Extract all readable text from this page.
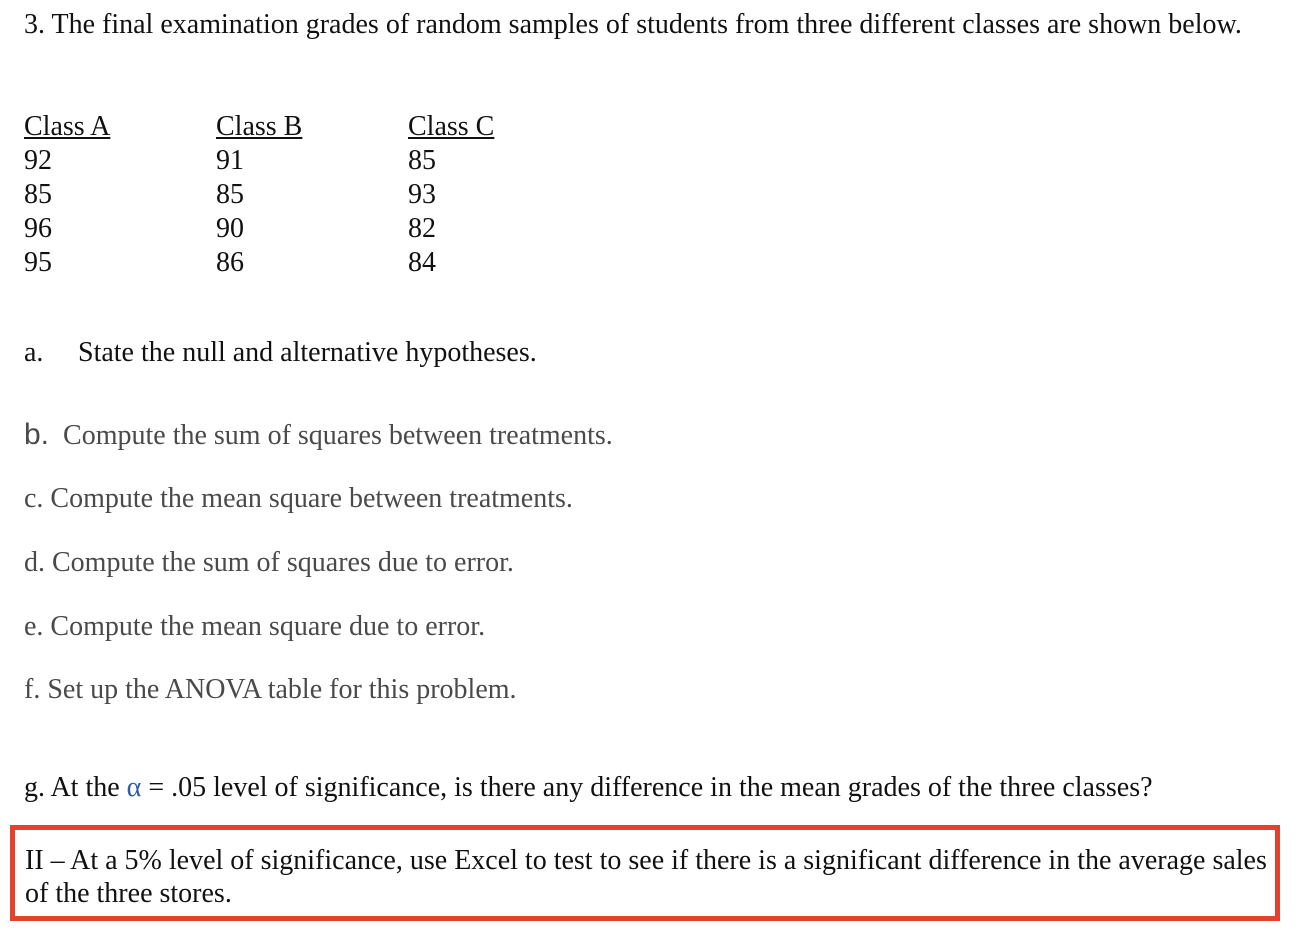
3. The final examination grades of random samples of students from three different classes are shown below.

Class A
92
85
96
95
Class B
91
85
90
86
Class C
85
93
82
84
a. State the null and alternative hypotheses.
b. Compute the sum of squares between treatments.
c. Compute the mean square between treatments.
d. Compute the sum of squares due to error.
e. Compute the mean square due to error.
f. Set up the ANOVA table for this problem.
g. At the α = .05 level of significance, is there any difference in the mean grades of the three classes?

II – At a 5% level of significance, use Excel to test to see if there is a significant difference in the average sales of the three stores.
